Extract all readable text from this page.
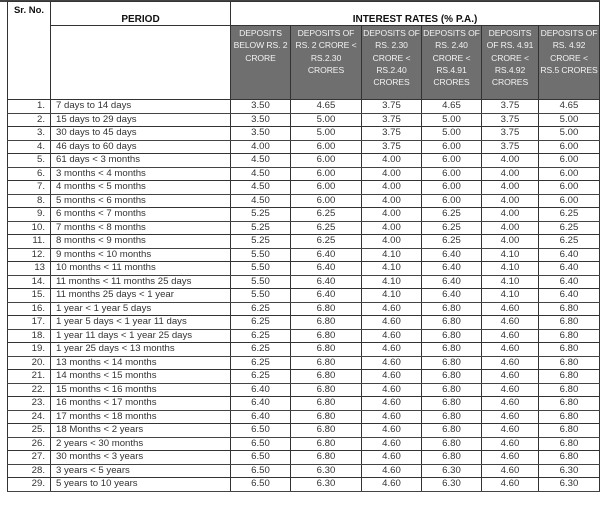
Sr. No.	PERIOD	INTEREST RATES (% P.A.)					
		DEPOSITS BELOW RS. 2 CRORE	DEPOSITS OF RS. 2 CRORE < RS.2.30 CRORES	DEPOSITS OF RS. 2.30 CRORE < RS.2.40 CRORES	DEPOSITS OF RS. 2.40 CRORE < RS.4.91 CRORES	DEPOSITS OF RS. 4.91 CRORE < RS.4.92 CRORES	DEPOSITS OF RS. 4.92 CRORE < RS.5 CRORES
1.	7 days to 14 days	3.50	4.65	3.75	4.65	3.75	4.65
2.	15 days to 29 days	3.50	5.00	3.75	5.00	3.75	5.00
3.	30 days to 45 days	3.50	5.00	3.75	5.00	3.75	5.00
4.	46 days to 60 days	4.00	6.00	3.75	6.00	3.75	6.00
5.	61 days < 3 months	4.50	6.00	4.00	6.00	4.00	6.00
6.	3 months < 4 months	4.50	6.00	4.00	6.00	4.00	6.00
7.	4 months < 5 months	4.50	6.00	4.00	6.00	4.00	6.00
8.	5 months < 6 months	4.50	6.00	4.00	6.00	4.00	6.00
9.	6 months < 7 months	5.25	6.25	4.00	6.25	4.00	6.25
10.	7 months < 8 months	5.25	6.25	4.00	6.25	4.00	6.25
11.	8 months < 9 months	5.25	6.25	4.00	6.25	4.00	6.25
12.	9 months < 10 months	5.50	6.40	4.10	6.40	4.10	6.40
13	10 months < 11 months	5.50	6.40	4.10	6.40	4.10	6.40
14.	11 months < 11 months 25 days	5.50	6.40	4.10	6.40	4.10	6.40
15.	11 months 25 days < 1 year	5.50	6.40	4.10	6.40	4.10	6.40
16.	1 year < 1 year 5 days	6.25	6.80	4.60	6.80	4.60	6.80
17.	1 year 5 days < 1 year 11 days	6.25	6.80	4.60	6.80	4.60	6.80
18.	1 year 11 days < 1 year 25 days	6.25	6.80	4.60	6.80	4.60	6.80
19.	1 year 25 days < 13 months	6.25	6.80	4.60	6.80	4.60	6.80
20.	13 months < 14 months	6.25	6.80	4.60	6.80	4.60	6.80
21.	14 months < 15 months	6.25	6.80	4.60	6.80	4.60	6.80
22.	15 months < 16 months	6.40	6.80	4.60	6.80	4.60	6.80
23.	16 months < 17 months	6.40	6.80	4.60	6.80	4.60	6.80
24.	17 months < 18 months	6.40	6.80	4.60	6.80	4.60	6.80
25.	18 Months < 2 years	6.50	6.80	4.60	6.80	4.60	6.80
26.	2 years < 30 months	6.50	6.80	4.60	6.80	4.60	6.80
27.	30 months < 3 years	6.50	6.80	4.60	6.80	4.60	6.80
28.	3 years < 5 years	6.50	6.30	4.60	6.30	4.60	6.30
29.	5 years to 10 years	6.50	6.30	4.60	6.30	4.60	6.30
